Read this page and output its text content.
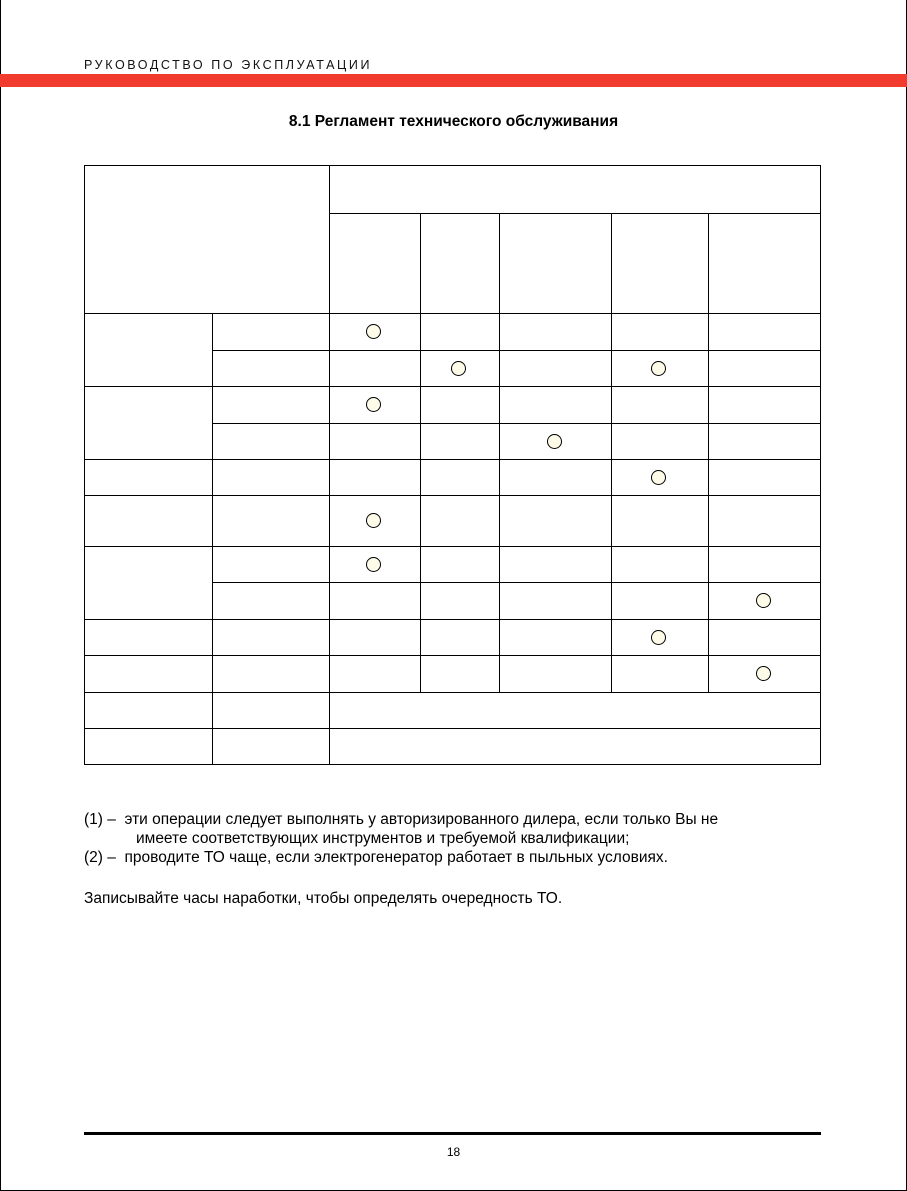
РУКОВОДСТВО ПО ЭКСПЛУАТАЦИИ
8.1 Регламент технического обслуживания
(1) – эти операции следует выполнять у авторизированного дилера, если только Вы не
имеете соответствующих инструментов и требуемой квалификации;
(2) – проводите ТО чаще, если электрогенератор работает в пыльных условиях.
Записывайте часы наработки, чтобы определять очередность ТО.
18
